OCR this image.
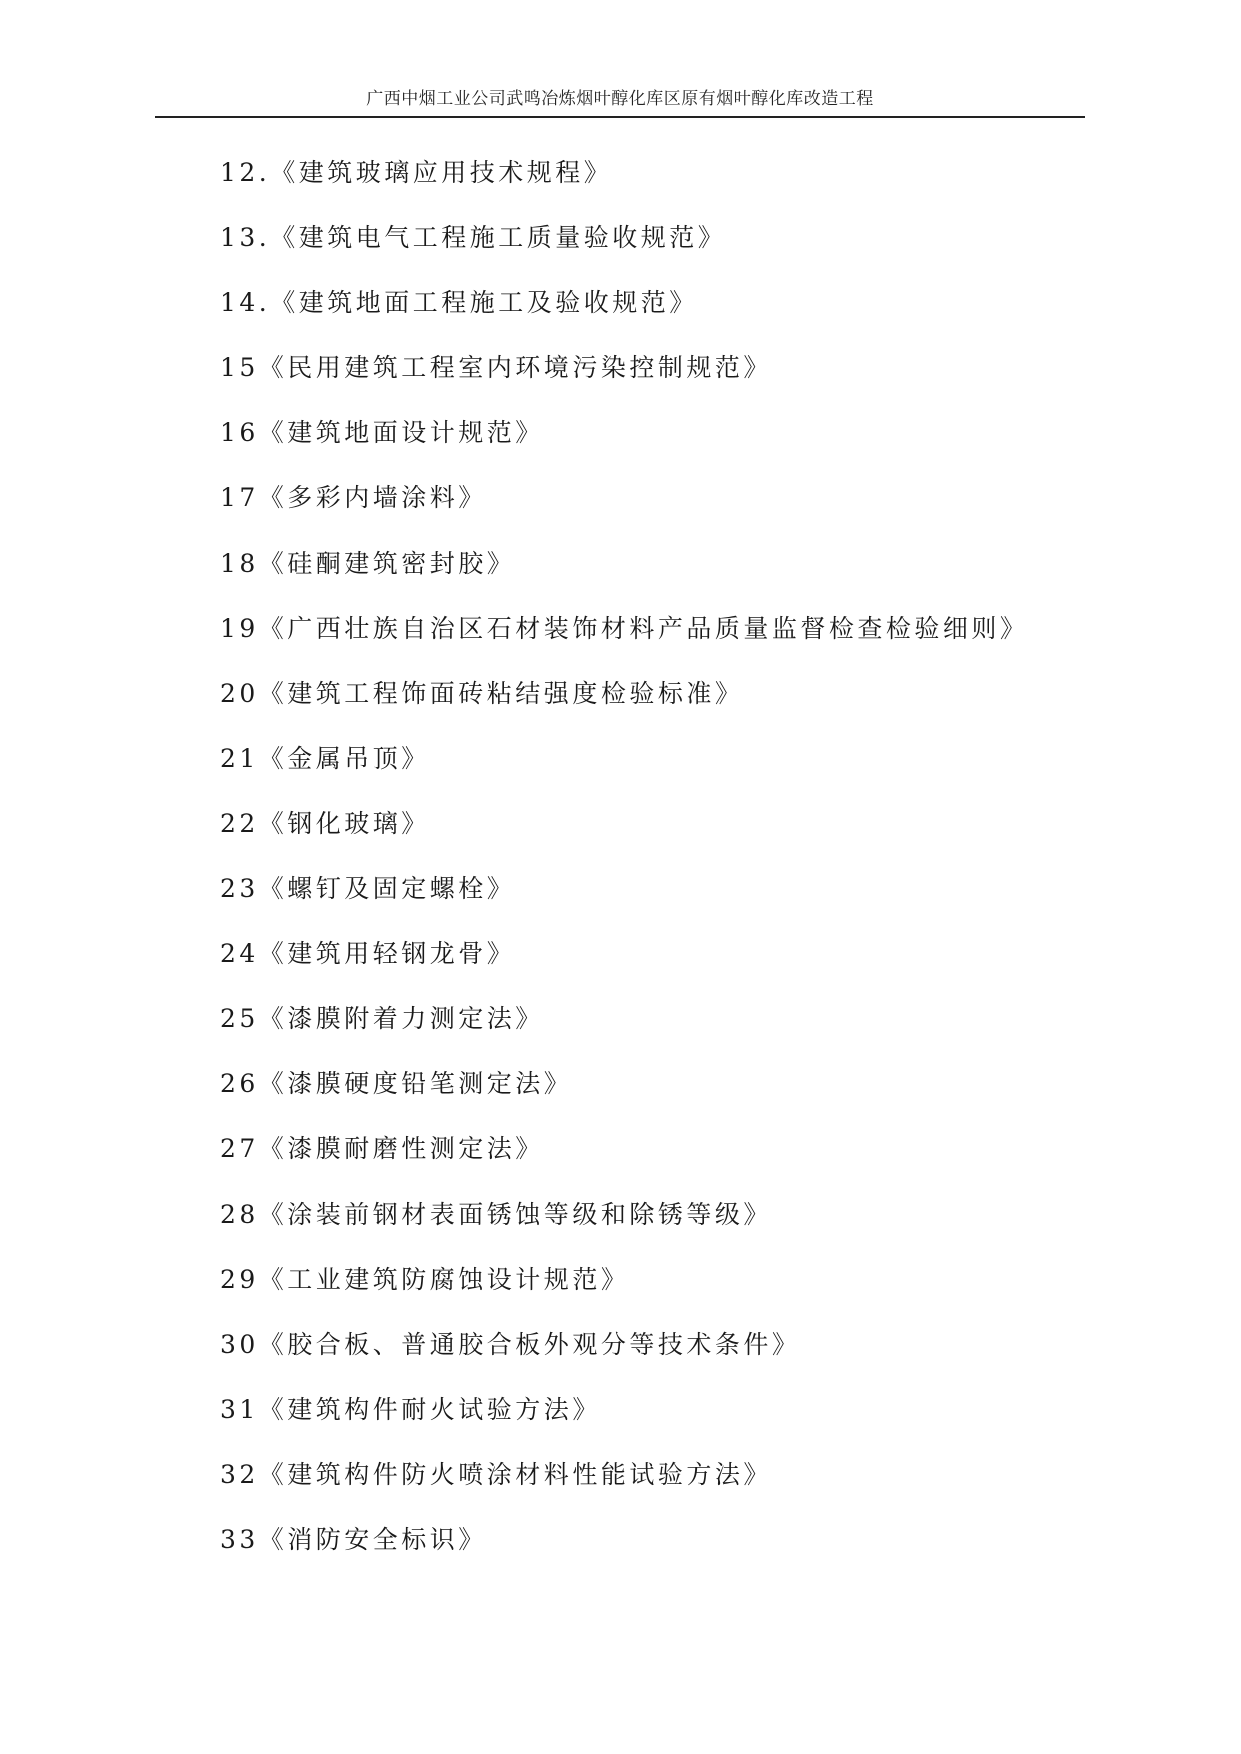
广西中烟工业公司武鸣冶炼烟叶醇化库区原有烟叶醇化库改造工程
12.《建筑玻璃应用技术规程》
13.《建筑电气工程施工质量验收规范》
14.《建筑地面工程施工及验收规范》
15《民用建筑工程室内环境污染控制规范》
16《建筑地面设计规范》
17《多彩内墙涂料》
18《硅酮建筑密封胶》
19《广西壮族自治区石材装饰材料产品质量监督检查检验细则》
20《建筑工程饰面砖粘结强度检验标准》
21《金属吊顶》
22《钢化玻璃》
23《螺钉及固定螺栓》
24《建筑用轻钢龙骨》
25《漆膜附着力测定法》
26《漆膜硬度铅笔测定法》
27《漆膜耐磨性测定法》
28《涂装前钢材表面锈蚀等级和除锈等级》
29《工业建筑防腐蚀设计规范》
30《胶合板、普通胶合板外观分等技术条件》
31《建筑构件耐火试验方法》
32《建筑构件防火喷涂材料性能试验方法》
33《消防安全标识》
